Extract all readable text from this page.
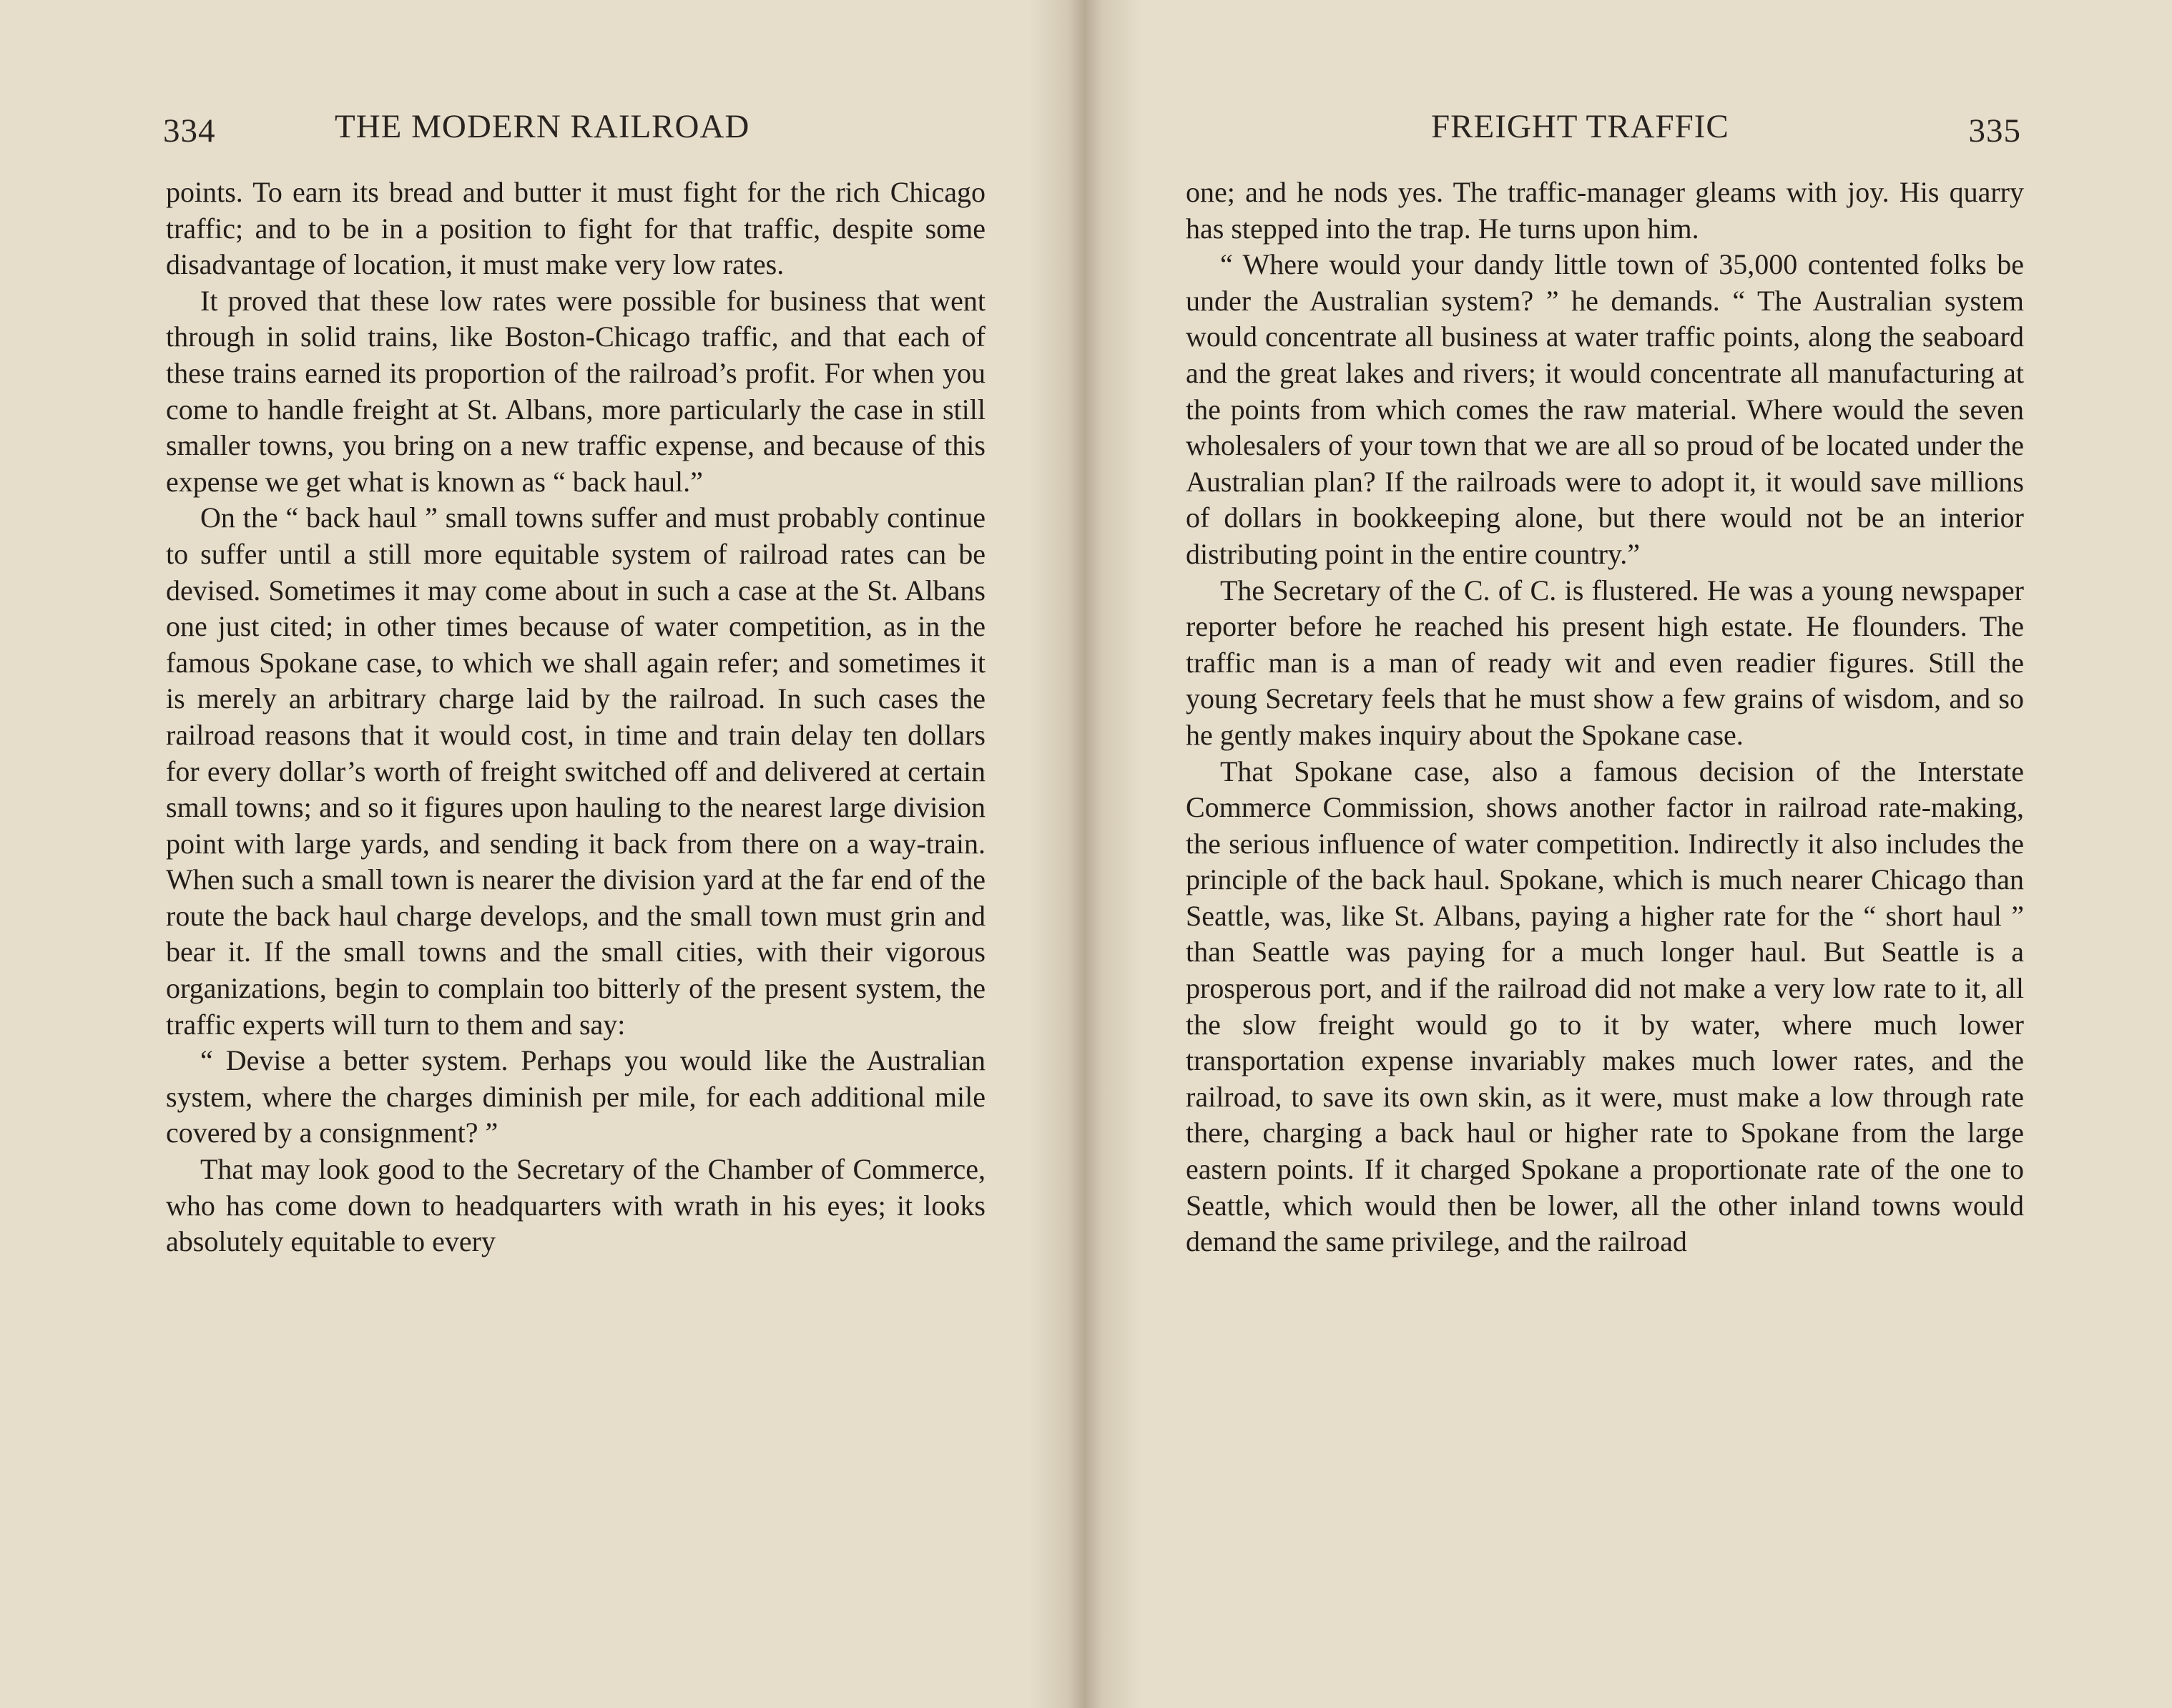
334	THE MODERN RAILROAD

points. To earn its bread and butter it must fight for the rich Chicago traffic; and to be in a position to fight for that traffic, despite some disadvantage of location, it must make very low rates.

It proved that these low rates were possible for business that went through in solid trains, like Boston-Chicago traffic, and that each of these trains earned its proportion of the railroad’s profit. For when you come to handle freight at St. Albans, more particularly the case in still smaller towns, you bring on a new traffic expense, and because of this expense we get what is known as “ back haul.”

On the “ back haul ” small towns suffer and must probably continue to suffer until a still more equitable system of railroad rates can be devised. Sometimes it may come about in such a case at the St. Albans one just cited; in other times because of water competition, as in the famous Spokane case, to which we shall again refer; and sometimes it is merely an arbitrary charge laid by the railroad. In such cases the railroad reasons that it would cost, in time and train delay ten dollars for every dollar’s worth of freight switched off and delivered at certain small towns; and so it figures upon hauling to the nearest large division point with large yards, and sending it back from there on a way-train. When such a small town is nearer the division yard at the far end of the route the back haul charge develops, and the small town must grin and bear it. If the small towns and the small cities, with their vigorous organizations, begin to complain too bitterly of the present system, the traffic experts will turn to them and say:

“ Devise a better system. Perhaps you would like the Australian system, where the charges diminish per mile, for each additional mile covered by a consignment? ”

That may look good to the Secretary of the Chamber of Commerce, who has come down to headquarters with wrath in his eyes; it looks absolutely equitable to every

FREIGHT TRAFFIC	335

one; and he nods yes. The traffic-manager gleams with joy. His quarry has stepped into the trap. He turns upon him.

“ Where would your dandy little town of 35,000 contented folks be under the Australian system? ” he demands. “ The Australian system would concentrate all business at water traffic points, along the seaboard and the great lakes and rivers; it would concentrate all manufacturing at the points from which comes the raw material. Where would the seven wholesalers of your town that we are all so proud of be located under the Australian plan? If the railroads were to adopt it, it would save millions of dollars in bookkeeping alone, but there would not be an interior distributing point in the entire country.”

The Secretary of the C. of C. is flustered. He was a young newspaper reporter before he reached his present high estate. He flounders. The traffic man is a man of ready wit and even readier figures. Still the young Secretary feels that he must show a few grains of wisdom, and so he gently makes inquiry about the Spokane case.

That Spokane case, also a famous decision of the Interstate Commerce Commission, shows another factor in railroad rate-making, the serious influence of water competition. Indirectly it also includes the principle of the back haul. Spokane, which is much nearer Chicago than Seattle, was, like St. Albans, paying a higher rate for the “ short haul ” than Seattle was paying for a much longer haul. But Seattle is a prosperous port, and if the railroad did not make a very low rate to it, all the slow freight would go to it by water, where much lower transportation expense invariably makes much lower rates, and the railroad, to save its own skin, as it were, must make a low through rate there, charging a back haul or higher rate to Spokane from the large eastern points. If it charged Spokane a proportionate rate of the one to Seattle, which would then be lower, all the other inland towns would demand the same privilege, and the railroad
